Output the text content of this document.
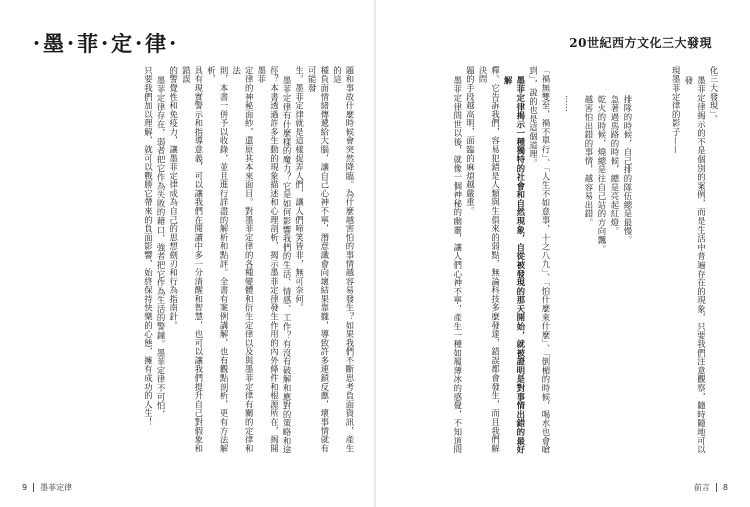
• 墨 • 菲 • 定 • 律 •

題和事故什麼時候會突然降臨。為什麼越害怕的事情越容易發生？如果我們不斷思考負面資訊，產生的這

種負面情緒傳遞給大腦，讓自己心神不寧，潛意識會向壞結果靠攏，導致許多連鎖反應，壞事情就有可能發

生。墨菲定律就是這樣捉弄人們，讓人們啼笑皆非，無可奈何。

墨菲定律有什麼樣的魔力？它是如何影響我們的生活、情感、工作？有沒有破解和應對的策略和途

徑？本書透過許多生動的現象描述和心理剖析，揭示墨菲定律發生作用的內外條件和根源所在，揭開墨菲

定律的神秘面紗，還原其本來面目。對墨菲定律的各種變體和衍生定律以及與墨菲定律有關的定律和法

則，本書一併予以收錄，並且進行詳盡的解析和點評。全書有案例講解，也有觀點剖析，更有方法解析，

具有現實警示和指導意義，可以讓我們在閱讀中多一分清醒和智慧，也可以讓我們提升自己對假象和錯誤

的警覺性和免疫力，讓墨菲定律成為自己的思想劍刃和行為指南針。

墨菲定律存在，弱者把它作為失敗的藉口，強者把它作為生活的警鐘。墨菲定律不可怕，

只要我們加以理解，就可以戰勝它帶來的負面影響，始終保持快樂的心態，擁有成功的人生！

9 墨菲定律
20世紀西方文化三大發現

化三大發現」。

墨菲定律揭示的不是個別的案例，而是生活中普遍存在的現象，只要我們注意觀察，隨時隨地可以發

現墨菲定律的影子——

排隊的時候，自己排的隊伍總是最慢。

急著過馬路的時候，總是亮起紅燈。

乾火的時候，燒總是往自己站的方向飄。

越害怕出錯的事情，越容易出錯。

……

「禍無雙至，禍不單行」、「人生不如意事，十之八九」、「怕什麼來什麼」、「倒楣的時候，喝水也會嗆

到」，說的也是這個道理。

墨菲定律揭示一種獨特的社會和自然現象，自從被發現的那天開始，就被證明是對事情出錯的最好解

釋。它告訴我們，容易犯錯是人類與生俱來的弱點，無論科技多麼發達，錯誤都會發生，而且我們解決問

題的手段越高明，面臨的麻煩越嚴重。

墨菲定律問世以後，就像一個神秘的幽靈，讓人們心神不寧，產生一種如履薄冰的感覺，不知道問

前言 8
